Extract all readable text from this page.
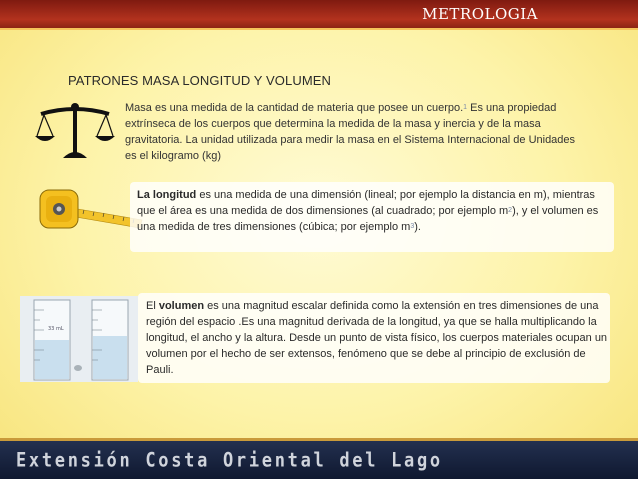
METROLOGIA
PATRONES MASA LONGITUD Y VOLUMEN
Masa es una medida de la cantidad de materia que posee un cuerpo.$^1$ Es una propiedad extrínseca de los cuerpos que determina la medida de la masa y inercia y de la masa gravitatoria. La unidad utilizada para medir la masa en el Sistema Internacional de Unidades es el kilogramo (kg)
La longitud es una medida de una dimensión (lineal; por ejemplo la distancia en m), mientras que el área es una medida de dos dimensiones (al cuadrado; por ejemplo $m^2$), y el volumen es una medida de tres dimensiones (cúbica; por ejemplo $m^3$).
33 mL
El volumen es una magnitud escalar definida como la extensión en tres dimensiones de una región del espacio .Es una magnitud derivada de la longitud, ya que se halla multiplicando la longitud, el ancho y la altura. Desde un punto de vista físico, los cuerpos materiales ocupan un volumen por el hecho de ser extensos, fenómeno que se debe al principio de exclusión de Pauli.
Extensión Costa Oriental del Lago
